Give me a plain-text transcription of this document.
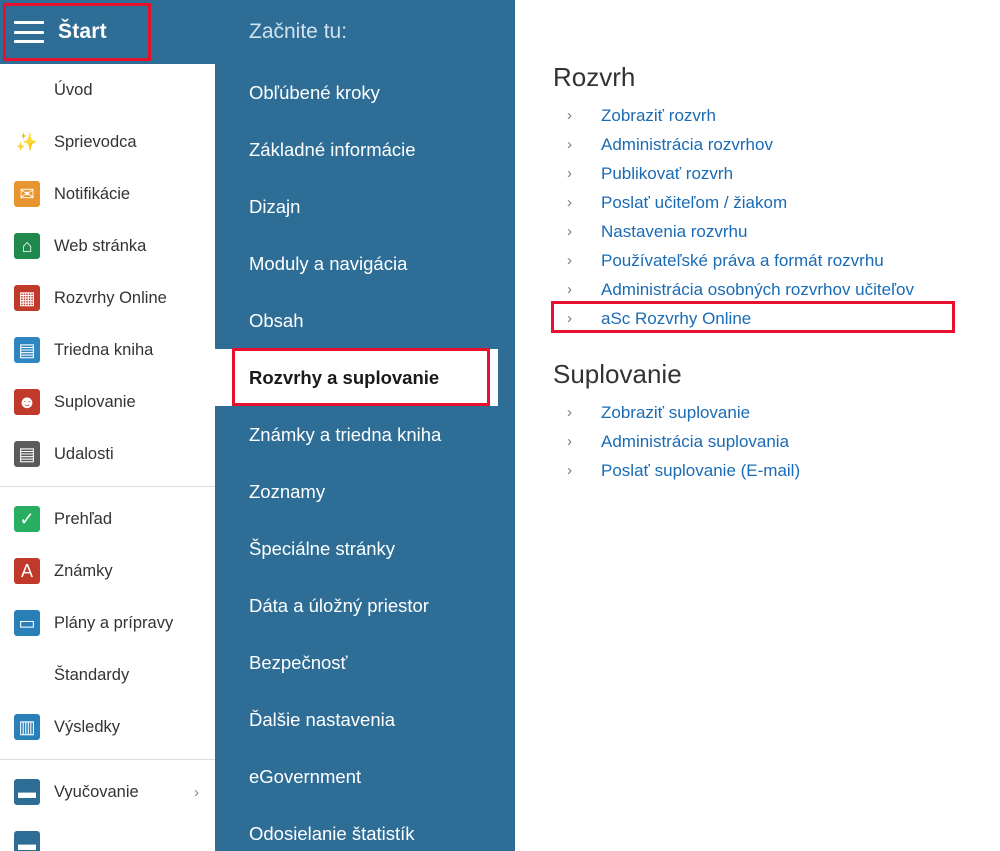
Štart
★ Úvod
✨ Sprievodca
✉	Notifikácie
⌂	Web stránka
▦ Rozvrhy Online
▤ Triedna kniha
☻ Suplovanie
▤ Udalosti
✓	Prehľad
A	Známky
▭ Plány a prípravy
⛨	Štandardy
▥ Výsledky
▬ Vyučovanie	›
▬
Začnite tu:
Obľúbené kroky
Základné informácie
Dizajn
Moduly a navigácia
Obsah
Rozvrhy a suplovanie
Známky a triedna kniha
Zoznamy
Špeciálne stránky
Dáta a úložný priestor
Bezpečnosť
Ďalšie nastavenia
eGovernment
Odosielanie štatistík
Rozvrh
›	Zobraziť rozvrh
›	Administrácia rozvrhov
›	Publikovať rozvrh
›	Poslať učiteľom / žiakom
›	Nastavenia rozvrhu
›	Používateľské práva a formát rozvrhu
›	Administrácia osobných rozvrhov učiteľov
›	aSc Rozvrhy Online
Suplovanie
›	Zobraziť suplovanie
›	Administrácia suplovania
›	Poslať suplovanie (E-mail)
